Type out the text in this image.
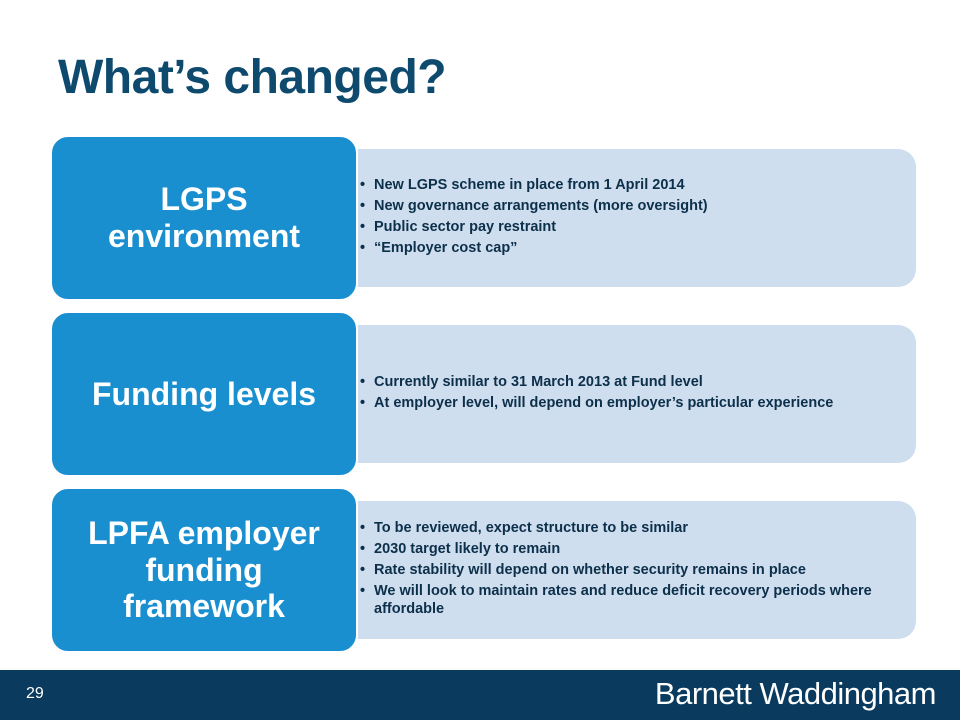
What’s changed?
• New LGPS scheme in place from 1 April 2014
• New governance arrangements (more oversight)
• Public sector pay restraint
• “Employer cost cap”
LGPS
environment
• Currently similar to 31 March 2013 at Fund level
• At employer level, will depend on employer’s particular experience
Funding levels
• To be reviewed, expect structure to be similar
• 2030 target likely to remain
• Rate stability will depend on whether security remains in place
• We will look to maintain rates and reduce deficit recovery periods where affordable
LPFA employer
funding
framework
29	Barnett Waddingham
